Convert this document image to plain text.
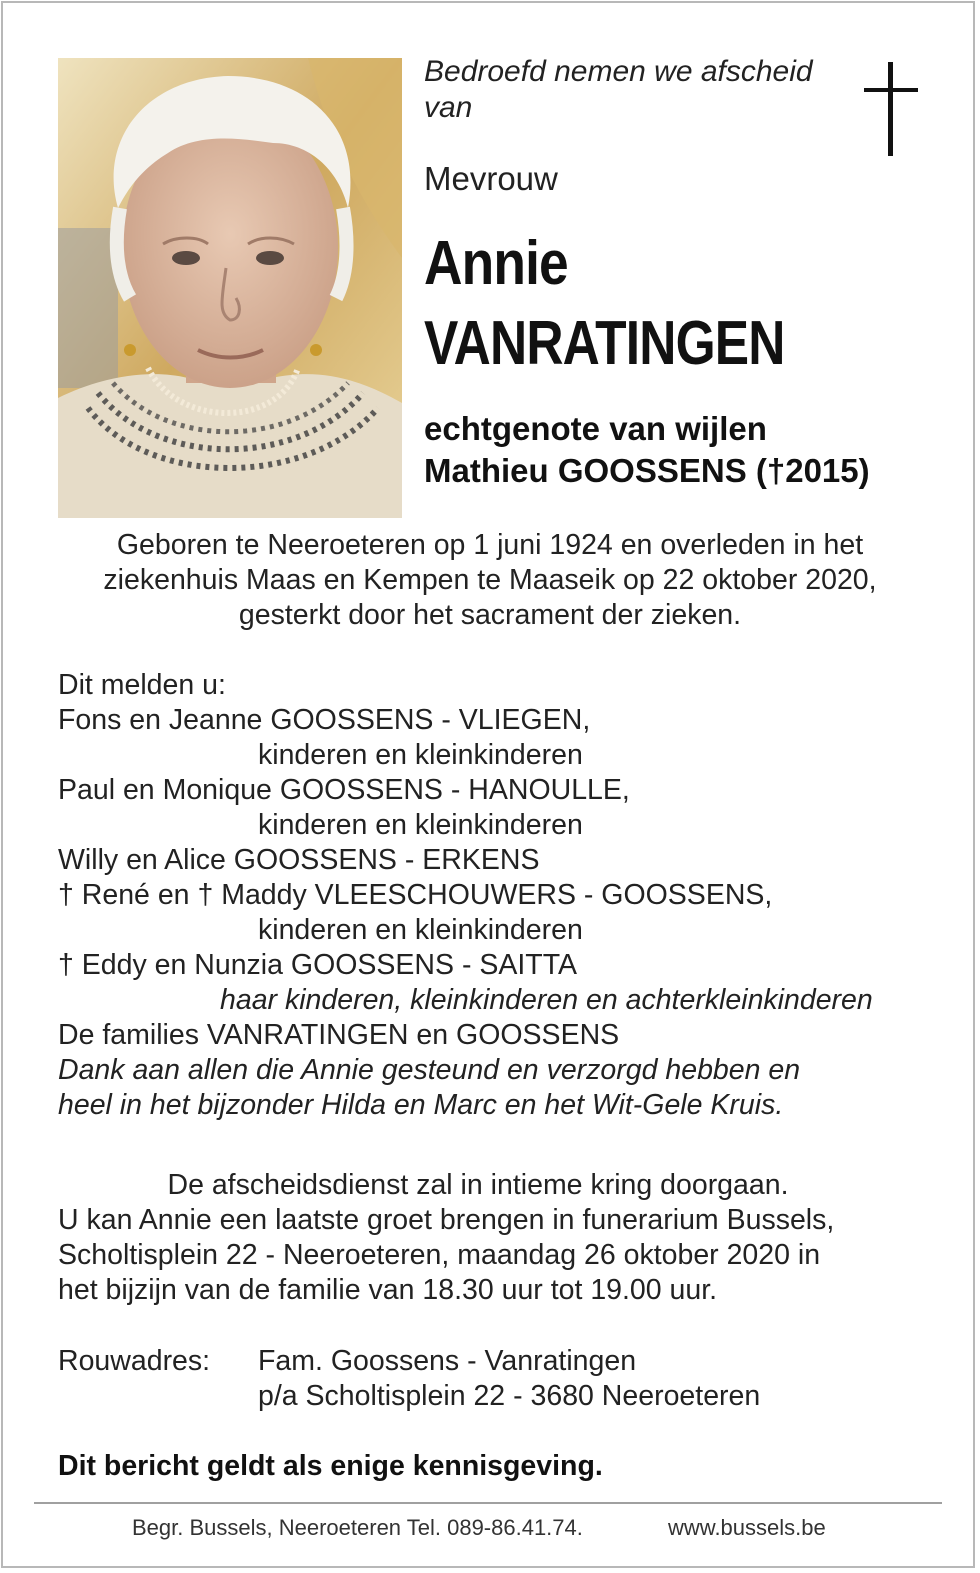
Bedroefd nemen we afscheid
van
Mevrouw
Annie
VANRATINGEN
echtgenote van wijlen
Mathieu GOOSSENS (†2015)
Geboren te Neeroeteren op 1 juni 1924 en overleden in het
ziekenhuis Maas en Kempen te Maaseik op 22 oktober 2020,
gesterkt door het sacrament der zieken.
Dit melden u:
Fons en Jeanne GOOSSENS - VLIEGEN,
kinderen en kleinkinderen
Paul en Monique GOOSSENS - HANOULLE,
kinderen en kleinkinderen
Willy en Alice GOOSSENS - ERKENS
† René en † Maddy VLEESCHOUWERS - GOOSSENS,
kinderen en kleinkinderen
† Eddy en Nunzia GOOSSENS - SAITTA
haar kinderen, kleinkinderen en achterkleinkinderen
De families VANRATINGEN en GOOSSENS
Dank aan allen die Annie gesteund en verzorgd hebben en
heel in het bijzonder Hilda en Marc en het Wit-Gele Kruis.
De afscheidsdienst zal in intieme kring doorgaan.
U kan Annie een laatste groet brengen in funerarium Bussels,
Scholtisplein 22 - Neeroeteren, maandag 26 oktober 2020 in
het bijzijn van de familie van 18.30 uur tot 19.00 uur.
Rouwadres: Fam. Goossens - Vanratingen
p/a Scholtisplein 22 - 3680 Neeroeteren
Dit bericht geldt als enige kennisgeving.
Begr. Bussels, Neeroeteren Tel. 089-86.41.74.	www.bussels.be
